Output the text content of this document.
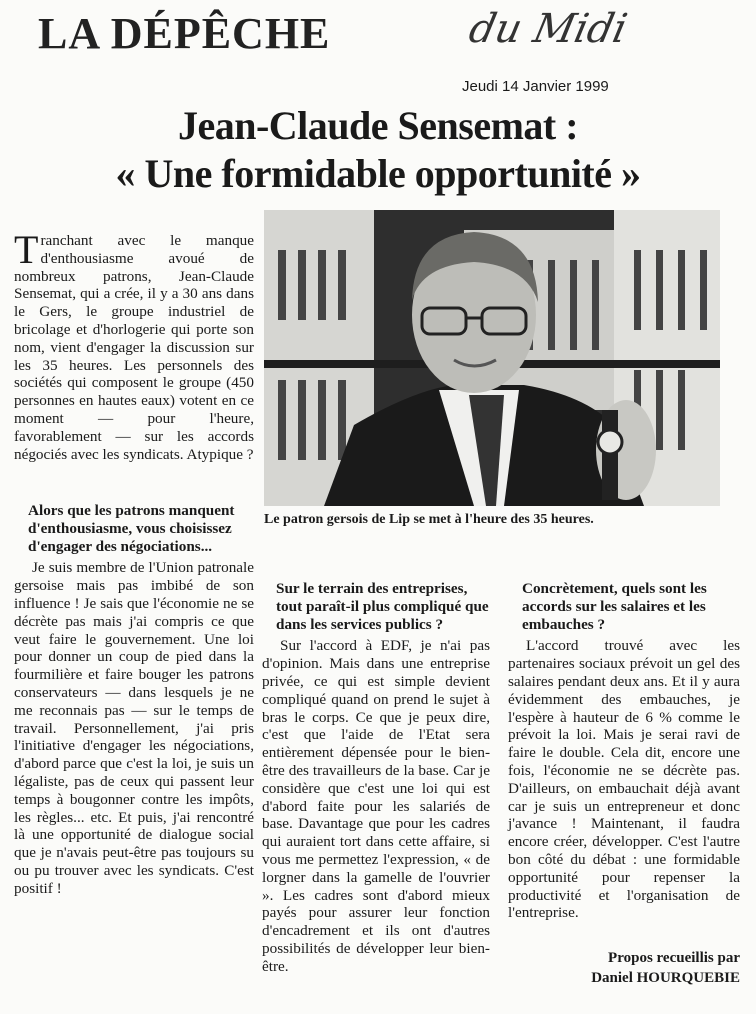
LA DÉPÊCHE	du Midi
Jeudi 14 Janvier 1999
Jean-Claude Sensemat :
« Une formidable opportunité »
Le patron gersois de Lip se met à l'heure des 35 heures.

Tranchant avec le manque d'enthousiasme avoué de nombreux patrons, Jean-Claude Sensemat, qui a crée, il y a 30 ans dans le Gers, le groupe industriel de bricolage et d'horlogerie qui porte son nom, vient d'engager la discussion sur les 35 heures. Les personnels des sociétés qui composent le groupe (450 personnes en hautes eaux) votent en ce moment — pour l'heure, favorablement — sur les accords négociés avec les syndicats. Atypique ?

Alors que les patrons manquent d'enthousiasme, vous choisissez d'engager des négociations...

Je suis membre de l'Union patronale gersoise mais pas imbibé de son influence ! Je sais que l'économie ne se décrète pas mais j'ai compris ce que veut faire le gouvernement. Une loi pour donner un coup de pied dans la fourmilière et faire bouger les patrons conservateurs — dans lesquels je ne me reconnais pas — sur le temps de travail. Personnellement, j'ai pris l'initiative d'engager les négociations, d'abord parce que c'est la loi, je suis un légaliste, pas de ceux qui passent leur temps à bougonner contre les impôts, les règles... etc. Et puis, j'ai rencontré là une opportunité de dialogue social que je n'avais peut-être pas toujours su ou pu trouver avec les syndicats. C'est positif !

Sur le terrain des entreprises, tout paraît-il plus compliqué que dans les services publics ?

Sur l'accord à EDF, je n'ai pas d'opinion. Mais dans une entreprise privée, ce qui est simple devient compliqué quand on prend le sujet à bras le corps. Ce que je peux dire, c'est que l'aide de l'Etat sera entièrement dépensée pour le bien-être des travailleurs de la base. Car je considère que c'est une loi qui est d'abord faite pour les salariés de base. Davantage que pour les cadres qui auraient tort dans cette affaire, si vous me permettez l'expression, « de lorgner dans la gamelle de l'ouvrier ». Les cadres sont d'abord mieux payés pour assurer leur fonction d'encadrement et ils ont d'autres possibilités de développer leur bien-être.

Concrètement, quels sont les accords sur les salaires et les embauches ?

L'accord trouvé avec les partenaires sociaux prévoit un gel des salaires pendant deux ans. Et il y aura évidemment des embauches, je l'espère à hauteur de 6 % comme le prévoit la loi. Mais je serai ravi de faire le double. Cela dit, encore une fois, l'économie ne se décrète pas. D'ailleurs, on embauchait déjà avant car je suis un entrepreneur et donc j'avance ! Maintenant, il faudra encore créer, développer. C'est l'autre bon côté du débat : une formidable opportunité pour repenser la productivité et l'organisation de l'entreprise.

Propos recueillis par
Daniel HOURQUEBIE
